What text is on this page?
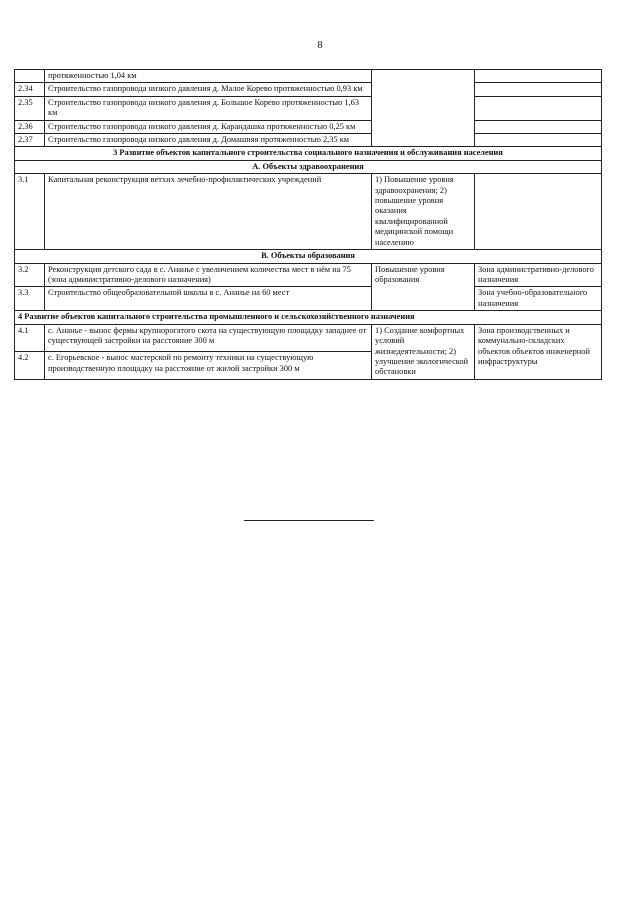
8
	протяженностью 1,04 км		
2.34	Строительство газопровода низкого давления д. Малое Корево протяженностью 0,93 км		
2.35	Строительство газопровода низкого давления д. Большое Корево протяженностью 1,63 км		
2.36	Строительство газопровода низкого давления д. Карандашка протяженностью 0,25 км		
2.37	Строительство газопровода низкого давления д. Домашняя протяженностью 2,35 км		
3 Развитие объектов капитального строительства социального назначения и обслуживания населения			
А. Объекты здравоохранения			
3.1	Капитальная реконструкция ветхих лечебно-профилактических учреждений	1) Повышение уровня здравоохранения; 2) повышение уровня оказания квалифицированной медицинской помощи населению	
В. Объекты образования			
3.2	Реконструкция детского сада в с. Ананьe с увеличением количества мест в нём на 75 (зона административно-делового назначения)	Повышение уровня образования	Зона административно-делового назначения
3.3	Строительство общеобразовательной школы в с. Ананье на 60 мест		Зона учебно-образовательного назначения
4 Развитие объектов капитального строительства промышленного и сельскохозяйственного назначения			
4.1	с. Ананье - вынос фермы крупнорогатого скота на существующую площадку западнее от существующей застройки на расстояние 300 м	1) Создание комфортных условий жизнедеятельности; 2) улучшение экологической обстановки	Зона производственных и коммунально-складских объектов объектов инженерной инфраструктуры
4.2	с. Егорьевское - вынос мастерской по ремонту техники на существующую производственную площадку на расстояние от жилой застройки 300 м		
